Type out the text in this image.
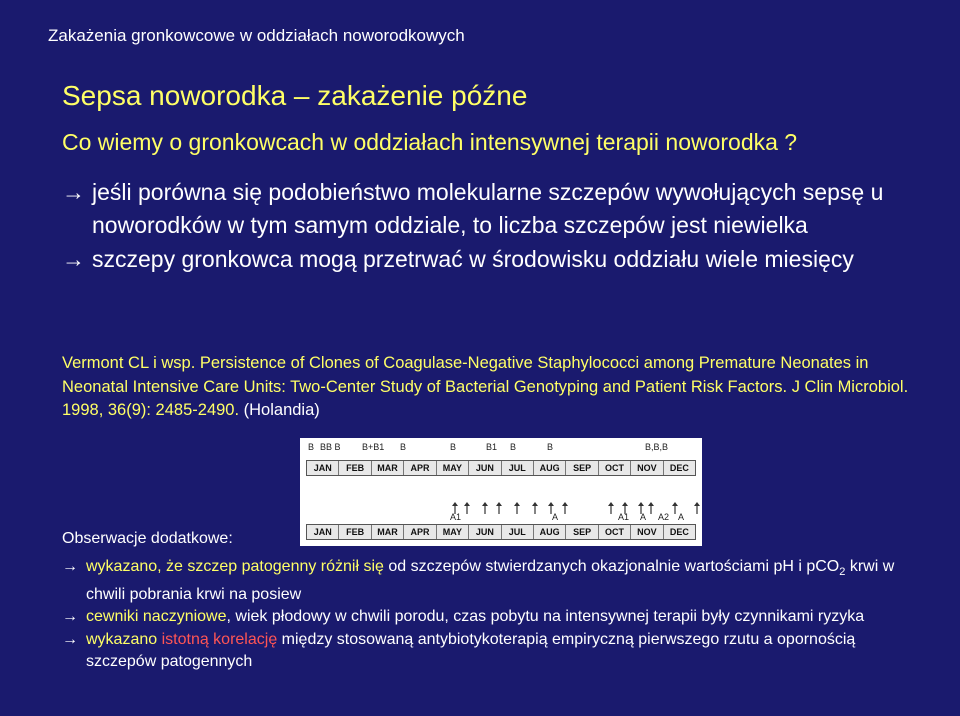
Zakażenia gronkowcowe w oddziałach noworodkowych
Sepsa noworodka – zakażenie późne
Co wiemy o gronkowcach w oddziałach intensywnej terapii noworodka ?
→ jeśli porówna się podobieństwo molekularne szczepów wywołujących sepsę u noworodków w tym samym oddziale, to liczba szczepów jest niewielka
→ szczepy gronkowca mogą przetrwać w środowisku oddziału wiele miesięcy
Vermont CL i wsp. Persistence of Clones of Coagulase-Negative Staphylococci among Premature Neonates in Neonatal Intensive Care Units: Two-Center Study of Bacterial Genotyping and Patient Risk Factors. J Clin Microbiol. 1998, 36(9): 2485-2490. (Holandia)
B BB B B+B1 B	B	B1 B	B	B,B,B
JAN	FEB	MAR	APR	MAY	JUN	JUL	AUG	SEP	OCT	NOV	DEC
A1	A	A1 A A2 A
JAN	FEB	MAR	APR	MAY	JUN	JUL	AUG	SEP	OCT	NOV	DEC
Obserwacje dodatkowe:
→ wykazano, że szczep patogenny różnił się od szczepów stwierdzanych okazjonalnie wartościami pH i pCO$_2$ krwi w chwili pobrania krwi na posiew
→ cewniki naczyniowe, wiek płodowy w chwili porodu, czas pobytu na intensywnej terapii były czynnikami ryzyka
→ wykazano istotną korelację między stosowaną antybiotykoterapią empiryczną pierwszego rzutu a opornością szczepów patogennych
